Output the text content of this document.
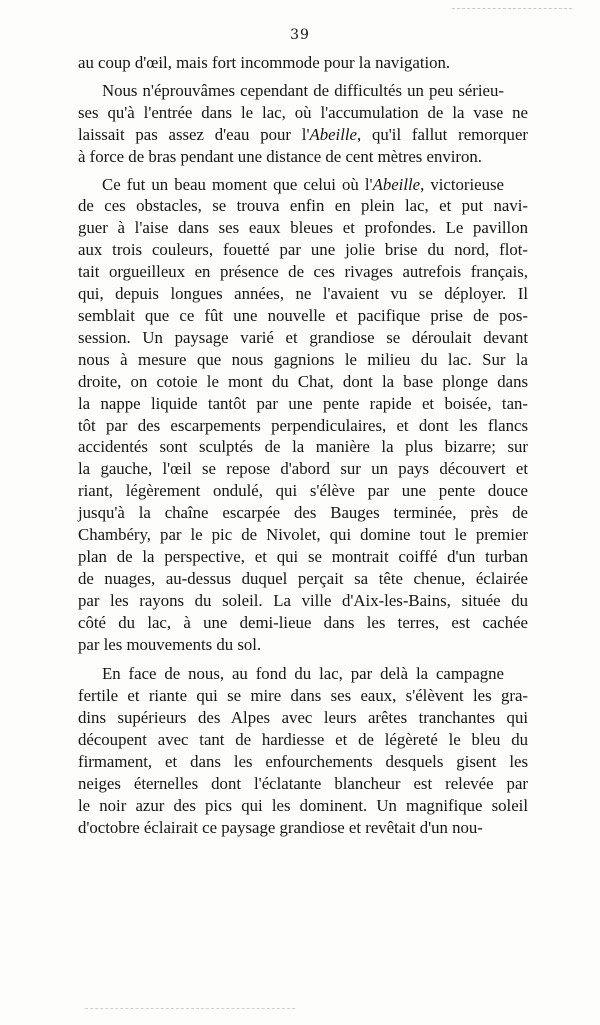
39
au coup d'œil, mais fort incommode pour la navigation.
Nous n'éprouvâmes cependant de difficultés un peu sérieu-
ses qu'à l'entrée dans le lac, où l'accumulation de la vase ne
laissait pas assez d'eau pour l'Abeille, qu'il fallut remorquer
à force de bras pendant une distance de cent mètres environ.
Ce fut un beau moment que celui où l'Abeille, victorieuse
de ces obstacles, se trouva enfin en plein lac, et put navi-
guer à l'aise dans ses eaux bleues et profondes. Le pavillon
aux trois couleurs, fouetté par une jolie brise du nord, flot-
tait orgueilleux en présence de ces rivages autrefois français,
qui, depuis longues années, ne l'avaient vu se déployer. Il
semblait que ce fût une nouvelle et pacifique prise de pos-
session. Un paysage varié et grandiose se déroulait devant
nous à mesure que nous gagnions le milieu du lac. Sur la
droite, on cotoie le mont du Chat, dont la base plonge dans
la nappe liquide tantôt par une pente rapide et boisée, tan-
tôt par des escarpements perpendiculaires, et dont les flancs
accidentés sont sculptés de la manière la plus bizarre; sur
la gauche, l'œil se repose d'abord sur un pays découvert et
riant, légèrement ondulé, qui s'élève par une pente douce
jusqu'à la chaîne escarpée des Bauges terminée, près de
Chambéry, par le pic de Nivolet, qui domine tout le premier
plan de la perspective, et qui se montrait coiffé d'un turban
de nuages, au-dessus duquel perçait sa tête chenue, éclairée
par les rayons du soleil. La ville d'Aix-les-Bains, située du
côté du lac, à une demi-lieue dans les terres, est cachée
par les mouvements du sol.
En face de nous, au fond du lac, par delà la campagne
fertile et riante qui se mire dans ses eaux, s'élèvent les gra-
dins supérieurs des Alpes avec leurs arêtes tranchantes qui
découpent avec tant de hardiesse et de légèreté le bleu du
firmament, et dans les enfourchements desquels gisent les
neiges éternelles dont l'éclatante blancheur est relevée par
le noir azur des pics qui les dominent. Un magnifique soleil
d'octobre éclairait ce paysage grandiose et revêtait d'un nou-
